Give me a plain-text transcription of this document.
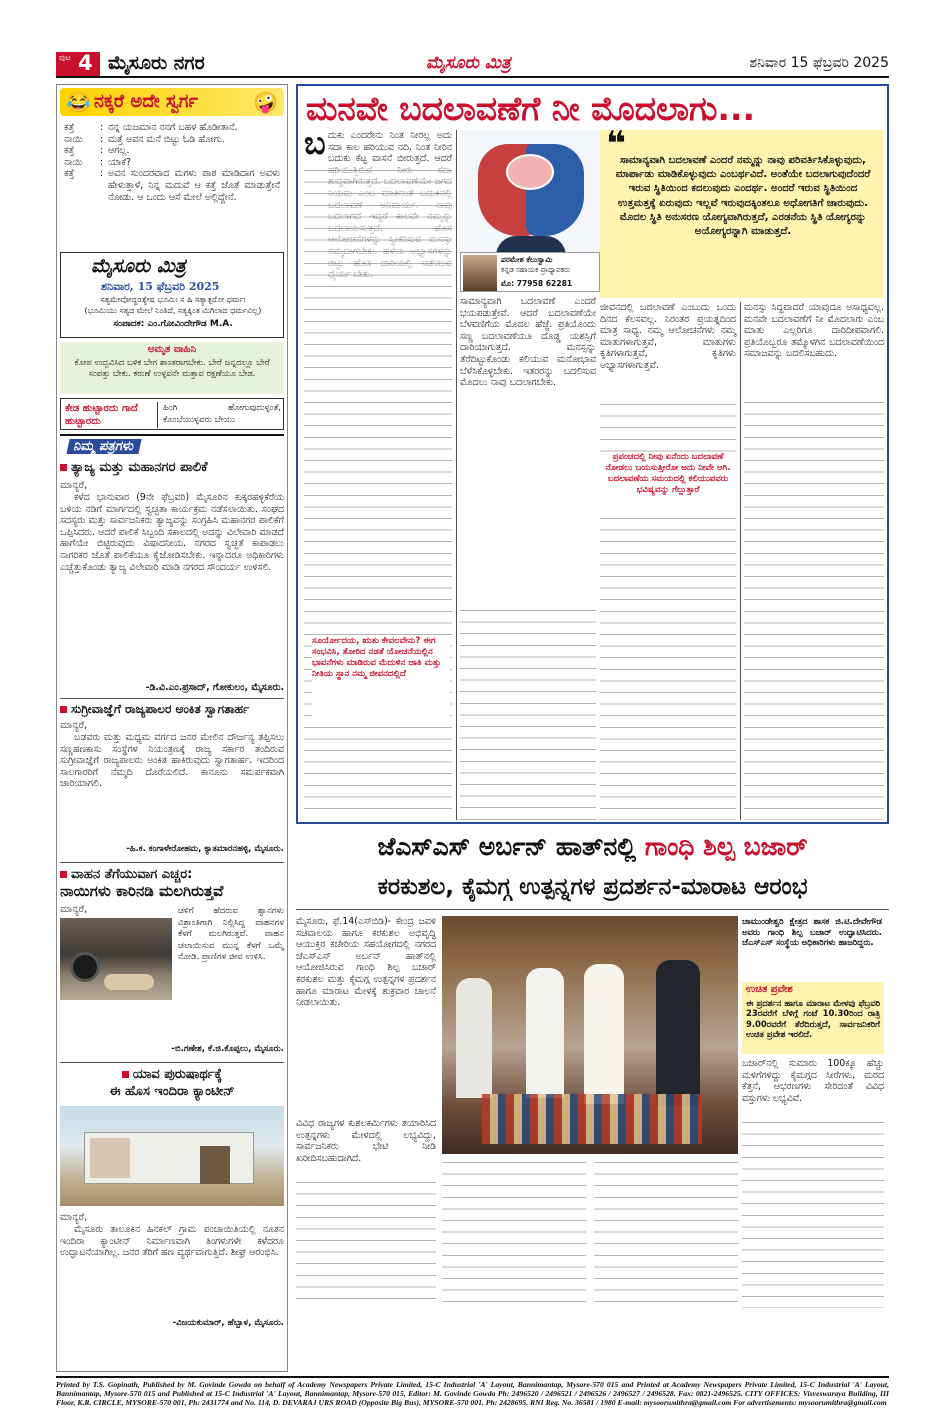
ಪುಟ 4 ಮೈಸೂರು ನಗರ	ಮೈಸೂರು ಮಿತ್ರ	ಶನಿವಾರ 15 ಫೆಬ್ರವರಿ 2025
😂 ನಕ್ಕರೆ ಅದೇ ಸ್ವರ್ಗ	🤪
ಕತ್ತೆ	: ನನ್ನ ಯಜಮಾನ ನನಗೆ ಬಹಳ ಹೊಡೀತಾನೆ.
ನಾಯಿ	: ಮತ್ತೆ ಅವನ ಮನೆ ಬಿಟ್ಟು ಓಡಿ ಹೋಗು.
ಕತ್ತೆ	: ಆಗಲ್ಲ.
ನಾಯಿ	: ಯಾಕೆ?
ಕತ್ತೆ	: ಅವನ ಸುಂದರವಾದ ಮಗಳು ಪಾಠ ಮಾಡಿದಾಗ ಅವಳು ಹೇಳುತ್ತಾಳೆ, ನಿನ್ನ ಮದುವೆ ಆ ಕತ್ತೆ ಜೊತೆ ಮಾಡುತ್ತೇನೆ ನೋಡು. ಆ ಒಂದು ಆಸೆ ಮೇಲೆ ಅಲ್ಲಿದ್ದೇನೆ.
ಮೈಸೂರು ಮಿತ್ರ
ಶನಿವಾರ, 15 ಫೆಬ್ರವರಿ 2025
ಸತ್ಯಮೇವೋದ್ಧರತ್ಯೇಷ ಭೂಮಿಃ ಸ ಹಿ ಸತ್ಯಾತ್ಪರೋ ಧರ್ಮಃ
(ಭೂಮಿಯು ಸತ್ಯದ ಮೇಲೆ ನಿಂತಿದೆ, ಸತ್ಯಕ್ಕಿಂತ ಮಿಗಿಲಾದ ಧರ್ಮವಿಲ್ಲ)
ಸಂಪಾದಕ: ಎಂ.ಗೋವಿಂದೇಗೌಡ M.A.
ಅಮೃತ ವಾಹಿನಿ
ಕೋಪ ಉದ್ಭವಿಸಿದ ಬಳಿಕ ಬೇಗ ಶಾಂತರಾಗಬೇಕು. ಬೇರೆ ಜನ್ನದಲ್ಲೂ ಬೇರೆ ಸಂಪತ್ತು ಬೇಕು. ಕರುಣೆ ಉಳ್ಳವನೇ ಮತ್ತಾವ ರಕ್ಷಣೆಯೂ ಬೇಡ.
ಕೇಡ ಹುಟ್ಟಾರದು ಗಾದೆ ಹುಟ್ಟಾರದು
ಹಿಂಗಿ ಹೋಗುವುದುಳ್ಳಂತೆ, ಕೊಂಬೆಯುಳ್ಳವರು ಬೇಯು
ನಿಮ್ಮ ಪತ್ರಗಳು
ತ್ಯಾಜ್ಯ ಮತ್ತು ಮಹಾನಗರ ಪಾಲಿಕೆ
ಮಾನ್ಯರೆ,
ಕಳೆದ ಭಾನುವಾರ (9ನೇ ಫೆಬ್ರವರಿ) ಮೈಸೂರಿನ ಕುಕ್ಕರಹಳ್ಳಿಕೆರೆಯ ಬಳಿಯ ನಡಿಗೆ ಮಾರ್ಗದಲ್ಲಿ ಸ್ವಚ್ಛತಾ ಕಾರ್ಯಕ್ರಮ ನಡೆಸಲಾಯಿತು. ಸಂಘದ ಸದಸ್ಯರು ಮತ್ತು ಸಾರ್ವಜನಿಕರು ತ್ಯಾಜ್ಯವನ್ನು ಸಂಗ್ರಹಿಸಿ ಮಹಾನಗರ ಪಾಲಿಕೆಗೆ ಒಪ್ಪಿಸಿದರು. ಆದರೆ ಪಾಲಿಕೆ ಸಿಬ್ಬಂದಿ ಸಕಾಲದಲ್ಲಿ ಅದನ್ನು ವಿಲೇವಾರಿ ಮಾಡದೆ ಹಾಗೆಯೇ ಬಿಟ್ಟಿರುವುದು ವಿಷಾದನೀಯ. ನಗರದ ಸ್ವಚ್ಛತೆ ಕಾಪಾಡಲು ನಾಗರಿಕರ ಜೊತೆ ಪಾಲಿಕೆಯೂ ಕೈಜೋಡಿಸಬೇಕು. ಇನ್ನಾದರೂ ಅಧಿಕಾರಿಗಳು ಎಚ್ಚೆತ್ತುಕೊಂಡು ತ್ಯಾಜ್ಯ ವಿಲೇವಾರಿ ಮಾಡಿ ನಗರದ ಸೌಂದರ್ಯ ಉಳಿಸಲಿ.
-ಡಿ.ವಿ.ಎಂ.ಪ್ರಸಾದ್, ಗೋಕುಲಂ, ಮೈಸೂರು.
ಸುಗ್ರೀವಾಜ್ಞೆಗೆ ರಾಜ್ಯಪಾಲರ ಅಂಕಿತ ಸ್ವಾಗತಾರ್ಹ
ಮಾನ್ಯರೆ,
ಬಡವರು ಮತ್ತು ಮಧ್ಯಮ ವರ್ಗದ ಜನರ ಮೇಲಿನ ದೌರ್ಜನ್ಯ ತಪ್ಪಿಸಲು ಸಣ್ಣಹಣಕಾಸು ಸಂಸ್ಥೆಗಳ ನಿಯಂತ್ರಣಕ್ಕೆ ರಾಜ್ಯ ಸರ್ಕಾರ ತಂದಿರುವ ಸುಗ್ರೀವಾಜ್ಞೆಗೆ ರಾಜ್ಯಪಾಲರು ಅಂಕಿತ ಹಾಕಿರುವುದು ಸ್ವಾಗತಾರ್ಹ. ಇದರಿಂದ ಸಾಲಗಾರರಿಗೆ ನೆಮ್ಮದಿ ದೊರೆಯಲಿದೆ. ಕಾನೂನು ಸಮರ್ಪಕವಾಗಿ ಜಾರಿಯಾಗಲಿ.
-ಹಿ.ಕ. ಕಂಗಾಳೇರೋಹಮ, ಕ್ಯಾತಮಾರನಹಳ್ಳಿ, ಮೈಸೂರು.
ವಾಹನ ತೆಗೆಯುವಾಗ ಎಚ್ಚರ:
ನಾಯಿಗಳು ಕಾರಿನಡಿ ಮಲಗಿರುತ್ತವೆ
ಮಾನ್ಯರೆ,	ಚಳಿಗೆ ಹೆದರುವ ಶ್ವಾನಗಳು ವಿಶ್ರಾಂತಿಗಾಗಿ ನಿಲ್ಲಿಸಿದ್ದ ವಾಹನಗಳ ಕೆಳಗೆ ಮಲಗಿರುತ್ತವೆ. ವಾಹನ ಚಲಾಯಿಸುವ ಮುನ್ನ ಕೆಳಗೆ ಒಮ್ಮೆ ನೋಡಿ. ಪ್ರಾಣಿಗಳ ಜೀವ ಉಳಿಸಿ.
-ಬಿ.ಗಣೇಶ, ಕೆ.ಜಿ.ಕೊಪ್ಪಲು, ಮೈಸೂರು.
ಯಾವ ಪುರುಷಾರ್ಥಕ್ಕೆ
ಈ ಹೊಸ ಇಂದಿರಾ ಕ್ಯಾಂಟೀನ್
ಮಾನ್ಯರೆ,
ಮೈಸೂರು ತಾಲೂಕಿನ ಹಿನಕಲ್ ಗ್ರಾಮ ಪಂಚಾಯಿತಿಯಲ್ಲಿ ನೂತನ ಇಂದಿರಾ ಕ್ಯಾಂಟೀನ್ ನಿರ್ಮಾಣವಾಗಿ ತಿಂಗಳುಗಳೇ ಕಳೆದರೂ ಉದ್ಘಾಟನೆಯಾಗಿಲ್ಲ. ಜನರ ತೆರಿಗೆ ಹಣ ವ್ಯರ್ಥವಾಗುತ್ತಿದೆ. ಶೀಘ್ರ ಆರಂಭಿಸಿ.
-ವಿಜಯಕುಮಾರ್, ಹೆಬ್ಬಾಳ, ಮೈಸೂರು.
ಮನವೇ ಬದಲಾವಣೆಗೆ ನೀ ಮೊದಲಾಗು...
ಬ ದುಕು ಎಂದರೇನು ನಿಂತ ನೀರಲ್ಲ ಅದು ಸದಾ ಕಾಲ ಹರಿಯುವ ನದಿ. ನಿಂತ ನೀರಿನ ಬದುಕು ಕೆಟ್ಟ ವಾಸನೆ ಬೀರುತ್ತದೆ. ಆದರೆ
ಪರಮೇಶ ಕೆಲುಸ್ವಾಮಿ
ಕನ್ನಡ ಸಹಾಯಕ ಪ್ರಾಧ್ಯಾಪಕರು
ಮೊ: 77958 62281
ಸಾಮಾನ್ಯವಾಗಿ ಬದಲಾವಣೆ ಎಂದರೆ ಭಯಪಡುತ್ತೇವೆ. ಆದರೆ ಬದಲಾವಣೆಯೇ ಬೆಳವಣಿಗೆಯ ಮೊದಲ ಹೆಜ್ಜೆ. ಪ್ರತಿಯೊಂದು ಸಣ್ಣ ಬದಲಾವಣೆಯೂ ದೊಡ್ಡ ಯಶಸ್ಸಿಗೆ ದಾರಿಯಾಗುತ್ತದೆ. ಮನಸ್ಸನ್ನು ತೆರೆದಿಟ್ಟುಕೊಂಡು ಕಲಿಯುವ ಮನೋಭಾವ ಬೆಳೆಸಿಕೊಳ್ಳಬೇಕು. ಇತರರನ್ನು ಬದಲಿಸುವ ಮೊದಲು ನಾವು ಬದಲಾಗಬೇಕು.
❝
ಸಾಮಾನ್ಯವಾಗಿ ಬದಲಾವಣೆ ಎಂದರೆ ನಮ್ಮನ್ನು ನಾವು ಪರಿವರ್ತಿಸಿಕೊಳ್ಳುವುದು, ಮಾರ್ಪಾಡು ಮಾಡಿಕೊಳ್ಳುವುದು ಎಂಬರ್ಥವಿದೆ. ಅಂತೆಯೇ ಬದಲಾಗುವುದೆಂದರೆ ಇರುವ ಸ್ಥಿತಿಯಿಂದ ಕದಲುವುದು ಎಂದರ್ಥ. ಅಂದರೆ ಇರುವ ಸ್ಥಿತಿಯಿಂದ ಉತ್ತಮತ್ತಕ್ಕೆ ಏರುವುದು ಇಲ್ಲವೆ ಇರುವುದಕ್ಕಿಂತಲೂ ಅಧೋಗತಿಗೆ ಜಾರುವುದು. ಮೊದಲ ಸ್ಥಿತಿ ಅನುಸರಣ ಯೋಗ್ಯವಾಗಿರುತ್ತದೆ, ಎರಡನೆಯ ಸ್ಥಿತಿ ಯೋಗ್ಯರನ್ನು ಅಯೋಗ್ಯರನ್ನಾಗಿ ಮಾಡುತ್ತದೆ.
ಜೀವನದಲ್ಲಿ ಬದಲಾವಣೆ ಎಂಬುದು ಒಂದು ದಿನದ ಕೆಲಸವಲ್ಲ. ನಿರಂತರ ಪ್ರಯತ್ನದಿಂದ ಮಾತ್ರ ಸಾಧ್ಯ. ನಮ್ಮ ಆಲೋಚನೆಗಳು ನಮ್ಮ ಮಾತುಗಳಾಗುತ್ತವೆ, ಮಾತುಗಳು ಕೃತಿಗಳಾಗುತ್ತವೆ, ಕೃತಿಗಳು ಅಭ್ಯಾಸಗಳಾಗುತ್ತವೆ.
ಪ್ರಪಂಚದಲ್ಲಿ ನೀವು ಏನೆಂದು ಬದಲಾವಣೆ ನೋಡಲು ಬಯಸುತ್ತೀರೋ ಅದು ನೀವೇ ಆಗಿ. ಬದಲಾವಣೆಯ ಸಮಯದಲ್ಲಿ ಕಲಿಯುವವರು ಭವಿಷ್ಯವನ್ನು ಗೆಲ್ಲುತ್ತಾರೆ
ಮನಸ್ಸು ಸಿದ್ಧವಾದರೆ ಯಾವುದೂ ಅಸಾಧ್ಯವಲ್ಲ. ಮನವೇ ಬದಲಾವಣೆಗೆ ನೀ ಮೊದಲಾಗು ಎಂಬ ಮಾತು ಎಲ್ಲರಿಗೂ ದಾರಿದೀಪವಾಗಲಿ. ಪ್ರತಿಯೊಬ್ಬರೂ ತಮ್ಮೊಳಗಿನ ಬದಲಾವಣೆಯಿಂದ ಸಮಾಜವನ್ನು ಬದಲಿಸಬಹುದು.
ಸೂರ್ಯೋದಯ, ಋತು ಕೇವಲವೇನು? ಈಗ ಸಂಭವಿಸಿ, ತೋರಿದ ನಡತೆ ಯೋಚನೆಯಲ್ಲಿನ ಭಾವನೆಗಳು ಮಾಡಿರುವ ಮೆದುಳಿನ ಜಾತಿ ಮತ್ತು ನೀತಿಯ ಸ್ಥಾನ ನಮ್ಮ ಜೀವನದಲ್ಲಿದೆ
ಜೆಎಸ್‌ಎಸ್ ಅರ್ಬನ್ ಹಾತ್‌ನಲ್ಲಿ ಗಾಂಧಿ ಶಿಲ್ಪ ಬಜಾರ್
ಕರಕುಶಲ, ಕೈಮಗ್ಗ ಉತ್ಪನ್ನಗಳ ಪ್ರದರ್ಶನ-ಮಾರಾಟ ಆರಂಭ
ಮೈಸೂರು, ಫೆ.14(ಎಸ್‌ಬಿಡಿ)- ಕೇಂದ್ರ ಜವಳಿ ಸಚಿವಾಲಯ ಹಾಗೂ ಕರಕುಶಲ ಅಭಿವೃದ್ಧಿ ಆಯುಕ್ತರ ಕಚೇರಿಯ ಸಹಯೋಗದಲ್ಲಿ ನಗರದ ಜೆಎಸ್‌ಎಸ್ ಅರ್ಬನ್ ಹಾತ್‌ನಲ್ಲಿ ಆಯೋಜಿಸಿರುವ ಗಾಂಧಿ ಶಿಲ್ಪ ಬಜಾರ್ ಕರಕುಶಲ ಮತ್ತು ಕೈಮಗ್ಗ ಉತ್ಪನ್ನಗಳ ಪ್ರದರ್ಶನ ಹಾಗೂ ಮಾರಾಟ ಮೇಳಕ್ಕೆ ಶುಕ್ರವಾರ ಚಾಲನೆ ನೀಡಲಾಯಿತು.
ಚಾಮುಂಡೇಶ್ವರಿ ಕ್ಷೇತ್ರದ ಶಾಸಕ ಜಿ.ಟಿ.ದೇವೇಗೌಡ ಅವರು ಗಾಂಧಿ ಶಿಲ್ಪ ಬಜಾರ್ ಉದ್ಘಾಟಿಸಿದರು. ಜೆಎಸ್‌ಎಸ್ ಸಂಸ್ಥೆಯ ಅಧಿಕಾರಿಗಳು ಹಾಜರಿದ್ದರು.
ಉಚಿತ ಪ್ರವೇಶ
ಈ ಪ್ರದರ್ಶನ ಹಾಗೂ ಮಾರಾಟ ಮೇಳವು ಫೆಬ್ರವರಿ 23ರವರೆಗೆ ಬೆಳಿಗ್ಗೆ ಗಂಟೆ 10.30ರಿಂದ ರಾತ್ರಿ 9.00ರವರೆಗೆ ತೆರೆದಿರುತ್ತದೆ, ಸಾರ್ವಜನಿಕರಿಗೆ ಉಚಿತ ಪ್ರವೇಶ ಇರಲಿದೆ.
ವಿವಿಧ ರಾಜ್ಯಗಳ ಕುಶಲಕರ್ಮಿಗಳು ತಯಾರಿಸಿದ ಉತ್ಪನ್ನಗಳು ಮೇಳದಲ್ಲಿ ಲಭ್ಯವಿದ್ದು, ಸಾರ್ವಜನಿಕರು ಭೇಟಿ ನೀಡಿ ಖರೀದಿಸಬಹುದಾಗಿದೆ.
ಬಜಾರ್‌ನಲ್ಲಿ ಸುಮಾರು 100ಕ್ಕೂ ಹೆಚ್ಚು ಮಳಿಗೆಗಳಿದ್ದು ಕೈಮಗ್ಗದ ಸೀರೆಗಳು, ಮರದ ಕೆತ್ತನೆ, ಆಭರಣಗಳು ಸೇರಿದಂತೆ ವಿವಿಧ ವಸ್ತುಗಳು ಲಭ್ಯವಿವೆ.
Printed by T.S. Gopinath, Published by M. Govinde Gowda on behalf of Academy Newspapers Private Limited, 15-C Industrial 'A' Layout, Bannimantap, Mysore-570 015 and Printed at Academy Newspapers Private Limited, 15-C Industrial 'A' Layout, Bannimantap, Mysore-570 015 and Published at 15-C Industrial 'A' Layout, Bannimantap, Mysore-570 015, Editor: M. Govinde Gowda Ph: 2496520 / 2496521 / 2496526 / 2496527 / 2496528. Fax: 0821-2496525. CITY OFFICES: Visveswaraya Building, III Floor, K.R. CIRCLE, MYSORE-570 001, Ph: 2431774 and No. 114, D. DEVARAJ URS ROAD (Opposite Big Bus), MYSORE-570 001. Ph: 2428695. RNI Reg. No. 36581 / 1980 E-mail: mysooruмithra@gmail.com For advertisements: mysoorumithra@gmail.com
